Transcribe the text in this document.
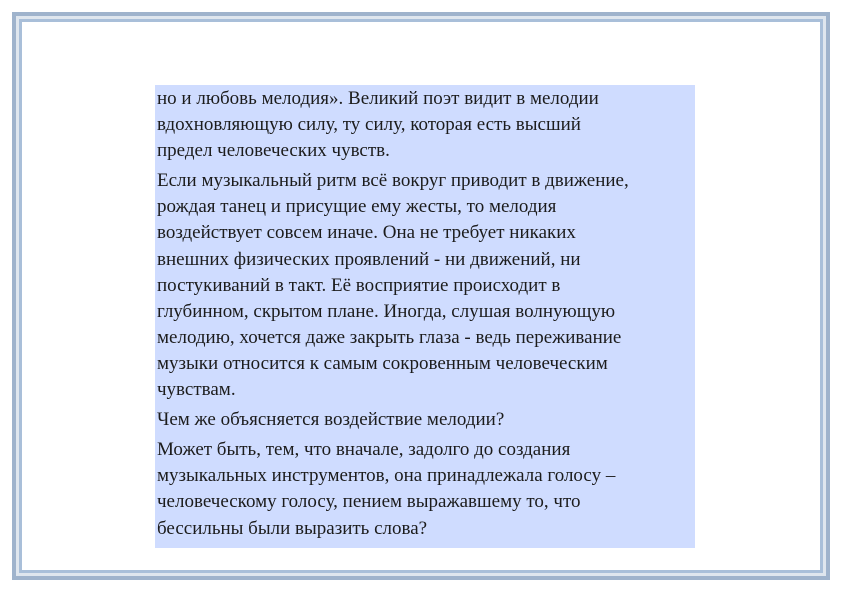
но и любовь мелодия». Великий поэт видит в мелодии
вдохновляющую силу, ту силу, которая есть высший
предел человеческих чувств.

Если музыкальный ритм всё вокруг приводит в движение,
рождая танец и присущие ему жесты, то мелодия
воздействует совсем иначе. Она не требует никаких
внешних физических проявлений - ни движений, ни
постукиваний в такт. Её восприятие происходит в
глубинном, скрытом плане. Иногда, слушая волнующую
мелодию, хочется даже закрыть глаза - ведь переживание
музыки относится к самым сокровенным человеческим
чувствам.

Чем же объясняется воздействие мелодии?

Может быть, тем, что вначале, задолго до создания
музыкальных инструментов, она принадлежала голосу –
человеческому голосу, пением выражавшему то, что
бессильны были выразить слова?
